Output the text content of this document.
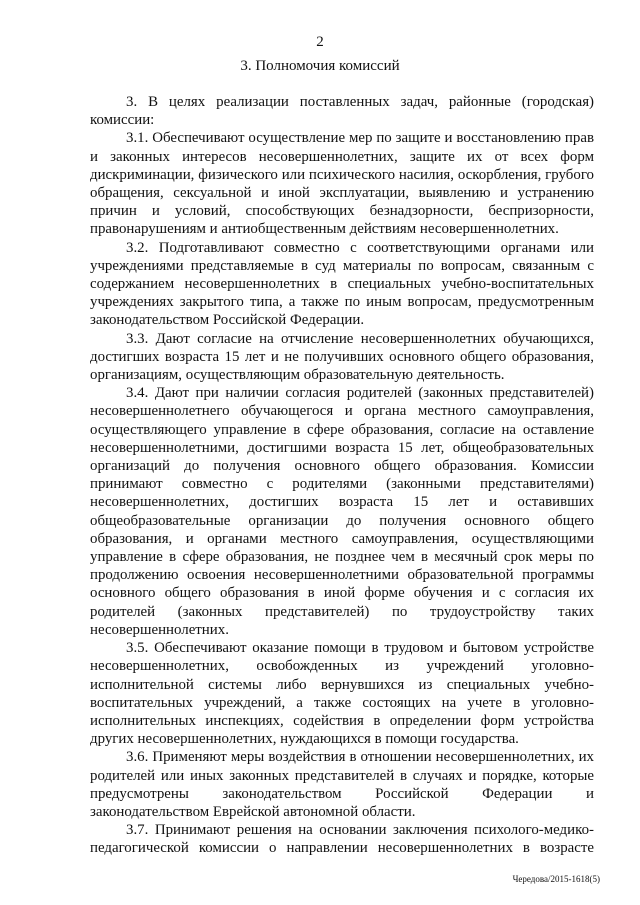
2
3. Полномочия комиссий

3. В целях реализации поставленных задач, районные (городская) комиссии:

3.1. Обеспечивают осуществление мер по защите и восстановлению прав и законных интересов несовершеннолетних, защите их от всех форм дискриминации, физического или психического насилия, оскорбления, грубого обращения, сексуальной и иной эксплуатации, выявлению и устранению причин и условий, способствующих безнадзорности, беспризорности, правонарушениям и антиобщественным действиям несовершеннолетних.

3.2. Подготавливают совместно с соответствующими органами или учреждениями представляемые в суд материалы по вопросам, связанным с содержанием несовершеннолетних в специальных учебно-воспитательных учреждениях закрытого типа, а также по иным вопросам, предусмотренным законодательством Российской Федерации.

3.3. Дают согласие на отчисление несовершеннолетних обучающихся, достигших возраста 15 лет и не получивших основного общего образования, организациям, осуществляющим образовательную деятельность.

3.4. Дают при наличии согласия родителей (законных представителей) несовершеннолетнего обучающегося и органа местного самоуправления, осуществляющего управление в сфере образования, согласие на оставление несовершеннолетними, достигшими возраста 15 лет, общеобразовательных организаций до получения основного общего образования. Комиссии принимают совместно с родителями (законными представителями) несовершеннолетних, достигших возраста 15 лет и оставивших общеобразовательные организации до получения основного общего образования, и органами местного самоуправления, осуществляющими управление в сфере образования, не позднее чем в месячный срок меры по продолжению освоения несовершеннолетними образовательной программы основного общего образования в иной форме обучения и с согласия их родителей (законных представителей) по трудоустройству таких несовершеннолетних.

3.5. Обеспечивают оказание помощи в трудовом и бытовом устройстве несовершеннолетних, освобожденных из учреждений уголовно-исполнительной системы либо вернувшихся из специальных учебно-воспитательных учреждений, а также состоящих на учете в уголовно-исполнительных инспекциях, содействия в определении форм устройства других несовершеннолетних, нуждающихся в помощи государства.

3.6. Применяют меры воздействия в отношении несовершеннолетних, их родителей или иных законных представителей в случаях и порядке, которые предусмотрены законодательством Российской Федерации и законодательством Еврейской автономной области.

3.7. Принимают решения на основании заключения психолого-медико-педагогической комиссии о направлении несовершеннолетних в возрасте

Чередова/2015-1618(5)
